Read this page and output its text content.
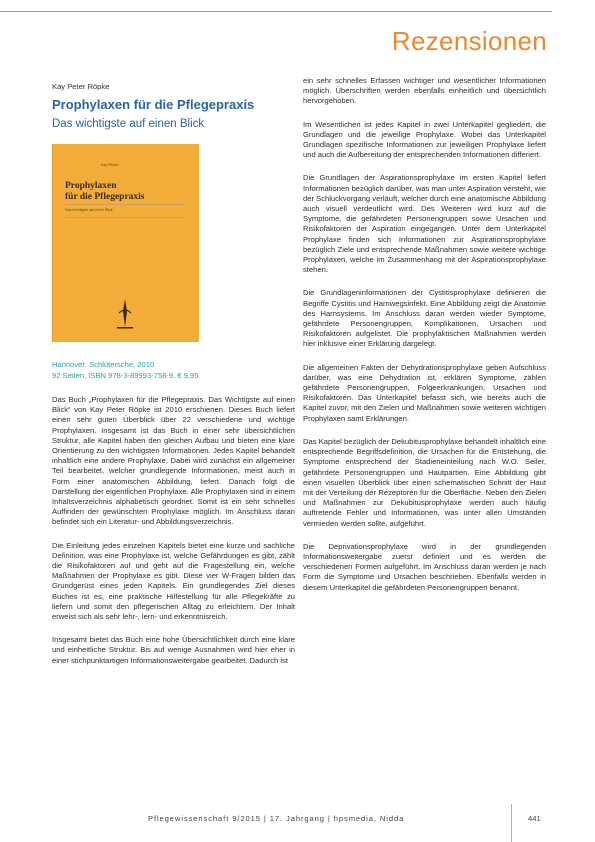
Rezensionen
Kay Peter Röpke
Prophylaxen für die Pflegepraxis
Das wichtigste auf einen Blick
Kay Röpke
Prophylaxen
für die Pflegepraxis
Das wichtigste auf einen Blick
Hannover: Schlütersche, 2010
92 Seiten, ISBN 978-3-89993-758-9, € 9,95

Das Buch „Prophylaxen für die Pflegepraxis. Das Wichtigste auf einen Blick“ von Kay Peter Röpke ist 2010 erschienen. Dieses Buch liefert einen sehr guten Überblick über 22 verschiedene und wichtige Prophylaxen. Insgesamt ist das Buch in einer sehr übersichtlichen Struktur, alle Kapitel haben den gleichen Aufbau und bieten eine klare Orientierung zu den wichtigsten Informationen. Jedes Kapitel behandelt inhaltlich eine andere Prophylaxe. Dabei wird zunächst ein allgemeiner Teil bearbeitet, welcher grundlegende Informationen, meist auch in Form einer anatomischen Abbildung, liefert. Danach folgt die Darstellung der eigentlichen Prophylaxe. Alle Prophylaxen sind in einem Inhaltsverzeichnis alphabetisch geordnet. Somit ist ein sehr schnelles Auffinden der gewünschten Prophylaxe möglich. Im Anschluss daran befindet sich ein Literatur- und Abbildungsverzeichnis.

Die Einleitung jedes einzelnen Kapitels bietet eine kurze und sachliche Definition, was eine Prophylaxe ist, welche Gefährdungen es gibt, zählt die Risikofaktoren auf und geht auf die Fragestellung ein, welche Maßnahmen der Prophylaxe es gibt. Diese vier W-Fragen bilden das Grundgerüst eines jeden Kapitels. Ein grundlegendes Ziel dieses Buches ist es, eine praktische Hilfestellung für alle Pflegekräfte zu liefern und somit den pflegerischen Alltag zu erleichtern. Der Inhalt erweist sich als sehr lehr-, lern- und erkenntnisreich.

Insgesamt bietet das Buch eine hohe Übersichtlichkeit durch eine klare und einheitliche Struktur. Bis auf wenige Ausnahmen wird hier eher in einer stichpunktartigen Informationsweitergabe gearbeitet. Dadurch ist

ein sehr schnelles Erfassen wichtiger und wesentlicher Informationen möglich. Überschriften werden ebenfalls einheitlich und übersichtlich hervorgehoben.

Im Wesentlichen ist jedes Kapitel in zwei Unterkapitel gegliedert, die Grundlagen und die jeweilige Prophylaxe. Wobei das Unterkapitel Grundlagen spezifische Informationen zur jeweiligen Prophylaxe liefert und auch die Aufbereitung der entsprechenden Informationen differiert.

Die Grundlagen der Aspirationsprophylaxe im ersten Kapitel liefert Informationen bezüglich darüber, was man unter Aspiration versteht, wie der Schluckvorgang verläuft, welcher durch eine anatomische Abbildung auch visuell verdeutlicht wird. Des Weiteren wird kurz auf die Symptome, die gefährdeten Personengruppen sowie Ursachen und Risikofaktoren der Aspiration eingegangen. Unter dem Unterkapitel Prophylaxe finden sich Informationen zur Aspirationsprophylaxe bezüglich Ziele und entsprechende Maßnahmen sowie weitere wichtige Prophylaxen, welche im Zusammenhang mit der Aspirationsprophylaxe stehen.

Die Grundlageninformationen der Cystitisprophylaxe definieren die Begriffe Cystitis und Harnwegsinfekt. Eine Abbildung zeigt die Anatomie des Harnsystems. Im Anschluss daran werden wieder Symptome, gefährdete Personengruppen, Komplikationen, Ursachen und Risikofaktoren aufgelistet. Die prophylaktischen Maßnahmen werden hier inklusive einer Erklärung dargelegt.

Die allgemeinen Fakten der Dehydrationsprophylaxe geben Aufschluss darüber, was eine Dehydration ist, erklären Symptome, zählen gefährdete Personengruppen, Folgeerkrankungen, Ursachen und Risikofaktoren. Das Unterkapitel befasst sich, wie bereits auch die Kapitel zuvor, mit den Zielen und Maßnahmen sowie weiteren wichtigen Prophylaxen samt Erklärungen.

Das Kapitel bezüglich der Dekubitusprophylaxe behandelt inhaltlich eine entsprechende Begriffsdefinition, die Ursachen für die Entstehung, die Symptome entsprechend der Stadieneinteilung nach W.O. Seiler, gefährdete Personengruppen und Hautpartien. Eine Abbildung gibt einen visuellen Überblick über einen schematischen Schnitt der Haut mit der Verteilung der Rezeptoren für die Oberfläche. Neben den Zielen und Maßnahmen zur Dekubitusprophylaxe werden auch häufig auftretende Fehler und Informationen, was unter allen Umständen vermieden werden sollte, aufgeführt.

Die Deprivationsprophylaxe wird in der grundlegenden Informationsweitergabe zuerst definiert und es werden die verschiedenen Formen aufgeführt. Im Anschluss daran werden je nach Form die Symptome und Ursachen beschrieben. Ebenfalls werden in diesem Unterkapitel die gefährdeten Personengruppen benannt.

Pflegewissenschaft 9/2015 | 17. Jahrgang | hpsmedia, Nidda	441
